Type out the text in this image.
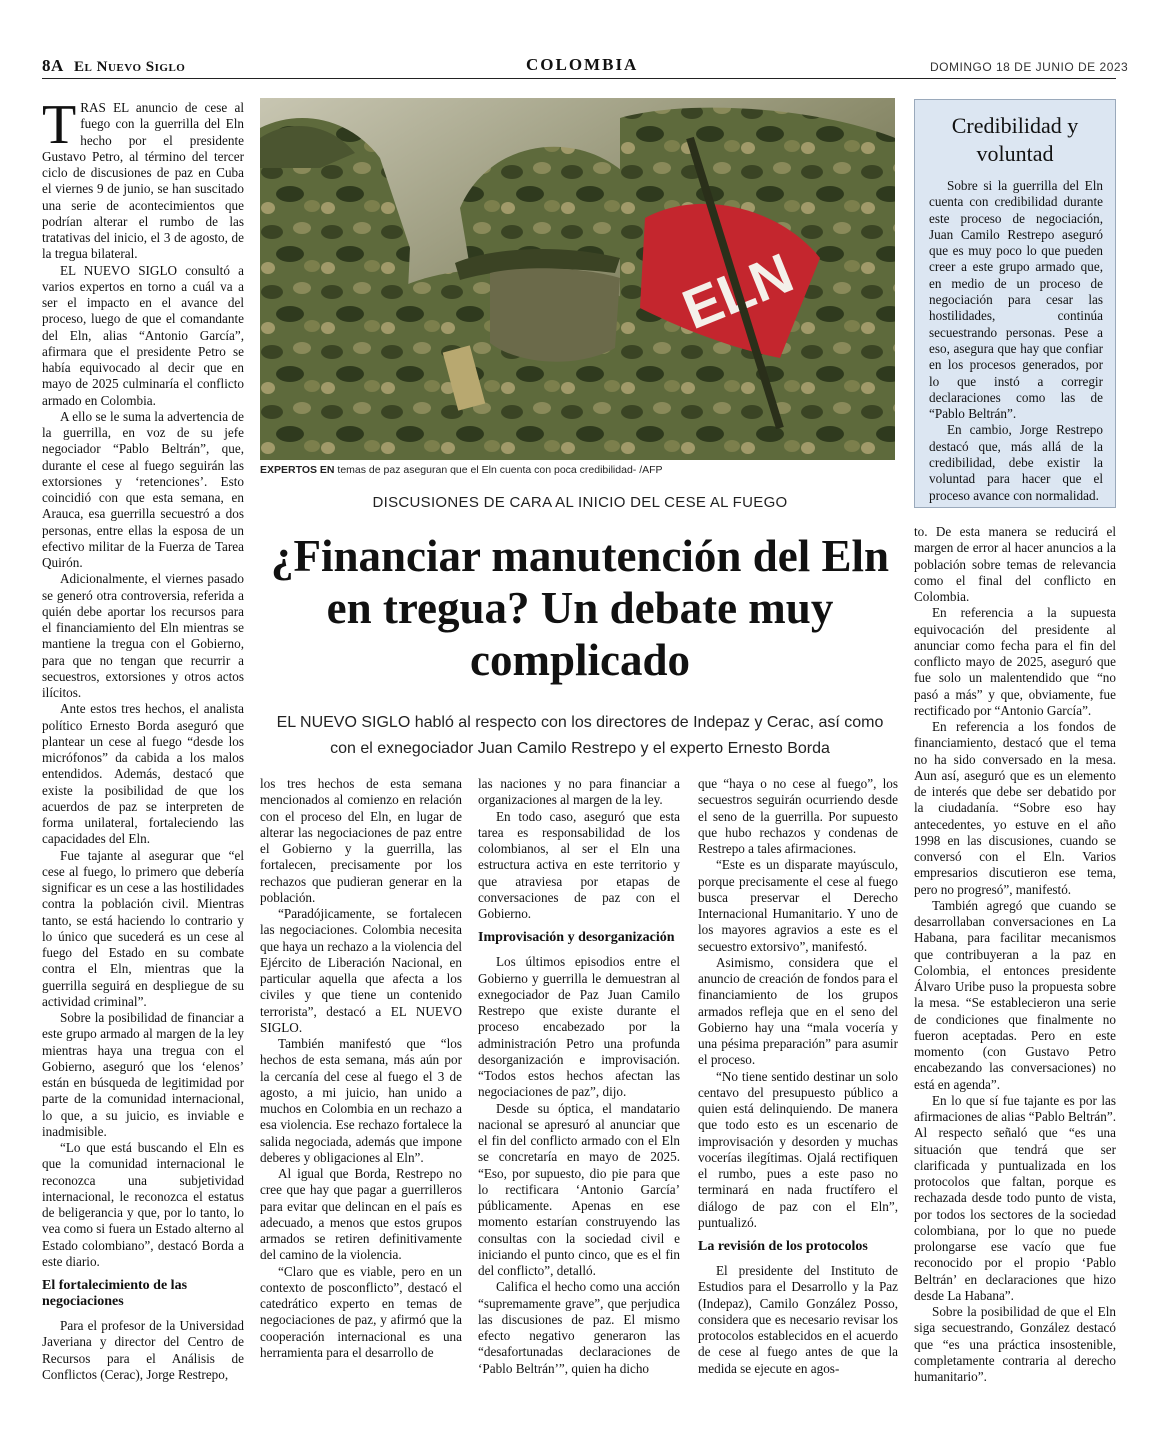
8A El Nuevo Siglo	COLOMBIA	DOMINGO 18 DE JUNIO DE 2023
T RAS EL anuncio de cese al fuego con la guerrilla del Eln hecho por el presidente Gustavo Petro, al término del tercer ciclo de discusiones de paz en Cuba el viernes 9 de junio, se han suscitado una serie de acontecimientos que podrían alterar el rumbo de las tratativas del inicio, el 3 de agosto, de la tregua bilateral.

EL NUEVO SIGLO consultó a varios expertos en torno a cuál va a ser el impacto en el avance del proceso, luego de que el comandante del Eln, alias “Antonio García”, afirmara que el presidente Petro se había equivocado al decir que en mayo de 2025 culminaría el conflicto armado en Colombia.

A ello se le suma la advertencia de la guerrilla, en voz de su jefe negociador “Pablo Beltrán”, que, durante el cese al fuego seguirán las extorsiones y ‘retenciones’. Esto coincidió con que esta semana, en Arauca, esa guerrilla secuestró a dos personas, entre ellas la esposa de un efectivo militar de la Fuerza de Tarea Quirón.

Adicionalmente, el viernes pasado se generó otra controversia, referida a quién debe aportar los recursos para el financiamiento del Eln mientras se mantiene la tregua con el Gobierno, para que no tengan que recurrir a secuestros, extorsiones y otros actos ilícitos.

Ante estos tres hechos, el analista político Ernesto Borda aseguró que plantear un cese al fuego “desde los micrófonos” da cabida a los malos entendidos. Además, destacó que existe la posibilidad de que los acuerdos de paz se interpreten de forma unilateral, fortaleciendo las capacidades del Eln.

Fue tajante al asegurar que “el cese al fuego, lo primero que debería significar es un cese a las hostilidades contra la población civil. Mientras tanto, se está haciendo lo contrario y lo único que sucederá es un cese al fuego del Estado en su combate contra el Eln, mientras que la guerrilla seguirá en despliegue de su actividad criminal”.

Sobre la posibilidad de financiar a este grupo armado al margen de la ley mientras haya una tregua con el Gobierno, aseguró que los ‘elenos’ están en búsqueda de legitimidad por parte de la comunidad internacional, lo que, a su juicio, es inviable e inadmisible.

“Lo que está buscando el Eln es que la comunidad internacional le reconozca una subjetividad internacional, le reconozca el estatus de beligerancia y que, por lo tanto, lo vea como si fuera un Estado alterno al Estado colombiano”, destacó Borda a este diario.

El fortalecimiento de las negociaciones

Para el profesor de la Universidad Javeriana y director del Centro de Recursos para el Análisis de Conflictos (Cerac), Jorge Restrepo,

EXPERTOS EN temas de paz aseguran que el Eln cuenta con poca credibilidad- /AFP
Credibilidad y voluntad

Sobre si la guerrilla del Eln cuenta con credibilidad durante este proceso de negociación, Juan Camilo Restrepo aseguró que es muy poco lo que pueden creer a este grupo armado que, en medio de un proceso de negociación para cesar las hostilidades, continúa secuestrando personas. Pese a eso, asegura que hay que confiar en los procesos generados, por lo que instó a corregir declaraciones como las de “Pablo Beltrán”.

En cambio, Jorge Restrepo destacó que, más allá de la credibilidad, debe existir la voluntad para hacer que el proceso avance con normalidad.

DISCUSIONES DE CARA AL INICIO DEL CESE AL FUEGO
¿Financiar manutención del Eln en tregua? Un debate muy complicado
EL NUEVO SIGLO habló al respecto con los directores de Indepaz y Cerac, así como con el exnegociador Juan Camilo Restrepo y el experto Ernesto Borda

los tres hechos de esta semana mencionados al comienzo en relación con el proceso del Eln, en lugar de alterar las negociaciones de paz entre el Gobierno y la guerrilla, las fortalecen, precisamente por los rechazos que pudieran generar en la población.

“Paradójicamente, se fortalecen las negociaciones. Colombia necesita que haya un rechazo a la violencia del Ejército de Liberación Nacional, en particular aquella que afecta a los civiles y que tiene un contenido terrorista”, destacó a EL NUEVO SIGLO.

También manifestó que “los hechos de esta semana, más aún por la cercanía del cese al fuego el 3 de agosto, a mi juicio, han unido a muchos en Colombia en un rechazo a esa violencia. Ese rechazo fortalece la salida negociada, además que impone deberes y obligaciones al Eln”.

Al igual que Borda, Restrepo no cree que hay que pagar a guerrilleros para evitar que delincan en el país es adecuado, a menos que estos grupos armados se retiren definitivamente del camino de la violencia.

“Claro que es viable, pero en un contexto de posconflicto”, destacó el catedrático experto en temas de negociaciones de paz, y afirmó que la cooperación internacional es una herramienta para el desarrollo de

las naciones y no para financiar a organizaciones al margen de la ley.

En todo caso, aseguró que esta tarea es responsabilidad de los colombianos, al ser el Eln una estructura activa en este territorio y que atraviesa por etapas de conversaciones de paz con el Gobierno.

Improvisación y desorganización

Los últimos episodios entre el Gobierno y guerrilla le demuestran al exnegociador de Paz Juan Camilo Restrepo que existe durante el proceso encabezado por la administración Petro una profunda desorganización e improvisación. “Todos estos hechos afectan las negociaciones de paz”, dijo.

Desde su óptica, el mandatario nacional se apresuró al anunciar que el fin del conflicto armado con el Eln se concretaría en mayo de 2025. “Eso, por supuesto, dio pie para que lo rectificara ‘Antonio García’ públicamente. Apenas en ese momento estarían construyendo las consultas con la sociedad civil e iniciando el punto cinco, que es el fin del conflicto”, detalló.

Califica el hecho como una acción “supremamente grave”, que perjudica las discusiones de paz. El mismo efecto negativo generaron las “desafortunadas declaraciones de ‘Pablo Beltrán’”, quien ha dicho

que “haya o no cese al fuego”, los secuestros seguirán ocurriendo desde el seno de la guerrilla. Por supuesto que hubo rechazos y condenas de Restrepo a tales afirmaciones.

“Este es un disparate mayúsculo, porque precisamente el cese al fuego busca preservar el Derecho Internacional Humanitario. Y uno de los mayores agravios a este es el secuestro extorsivo”, manifestó.

Asimismo, considera que el anuncio de creación de fondos para el financiamiento de los grupos armados refleja que en el seno del Gobierno hay una “mala vocería y una pésima preparación” para asumir el proceso.

“No tiene sentido destinar un solo centavo del presupuesto público a quien está delinquiendo. De manera que todo esto es un escenario de improvisación y desorden y muchas vocerías ilegítimas. Ojalá rectifiquen el rumbo, pues a este paso no terminará en nada fructífero el diálogo de paz con el Eln”, puntualizó.

La revisión de los protocolos

El presidente del Instituto de Estudios para el Desarrollo y la Paz (Indepaz), Camilo González Posso, considera que es necesario revisar los protocolos establecidos en el acuerdo de cese al fuego antes de que la medida se ejecute en agos-

to. De esta manera se reducirá el margen de error al hacer anuncios a la población sobre temas de relevancia como el final del conflicto en Colombia.

En referencia a la supuesta equivocación del presidente al anunciar como fecha para el fin del conflicto mayo de 2025, aseguró que fue solo un malentendido que “no pasó a más” y que, obviamente, fue rectificado por “Antonio García”.

En referencia a los fondos de financiamiento, destacó que el tema no ha sido conversado en la mesa. Aun así, aseguró que es un elemento de interés que debe ser debatido por la ciudadanía. “Sobre eso hay antecedentes, yo estuve en el año 1998 en las discusiones, cuando se conversó con el Eln. Varios empresarios discutieron ese tema, pero no progresó”, manifestó.

También agregó que cuando se desarrollaban conversaciones en La Habana, para facilitar mecanismos que contribuyeran a la paz en Colombia, el entonces presidente Álvaro Uribe puso la propuesta sobre la mesa. “Se establecieron una serie de condiciones que finalmente no fueron aceptadas. Pero en este momento (con Gustavo Petro encabezando las conversaciones) no está en agenda”.

En lo que sí fue tajante es por las afirmaciones de alias “Pablo Beltrán”. Al respecto señaló que “es una situación que tendrá que ser clarificada y puntualizada en los protocolos que faltan, porque es rechazada desde todo punto de vista, por todos los sectores de la sociedad colombiana, por lo que no puede prolongarse ese vacío que fue reconocido por el propio ‘Pablo Beltrán’ en declaraciones que hizo desde La Habana”.

Sobre la posibilidad de que el Eln siga secuestrando, González destacó que “es una práctica insostenible, completamente contraria al derecho humanitario”.
